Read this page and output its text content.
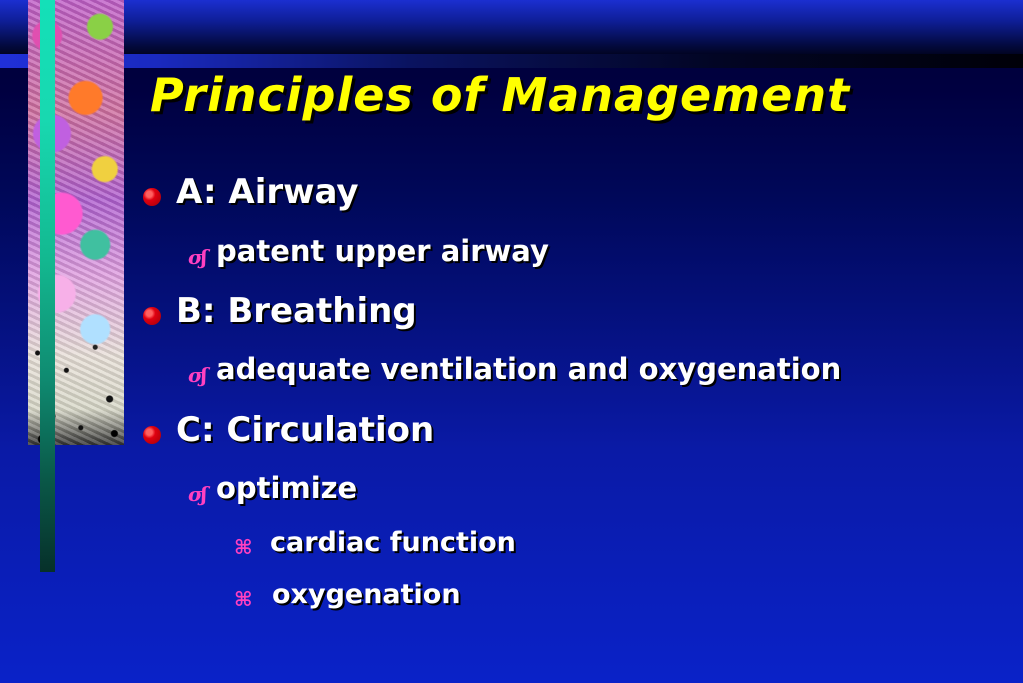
Principles of Management
A: Airway
σʃ patent upper airway
B: Breathing
σʃ adequate ventilation and oxygenation
C: Circulation
σʃ optimize
⌘ cardiac function
⌘ oxygenation
